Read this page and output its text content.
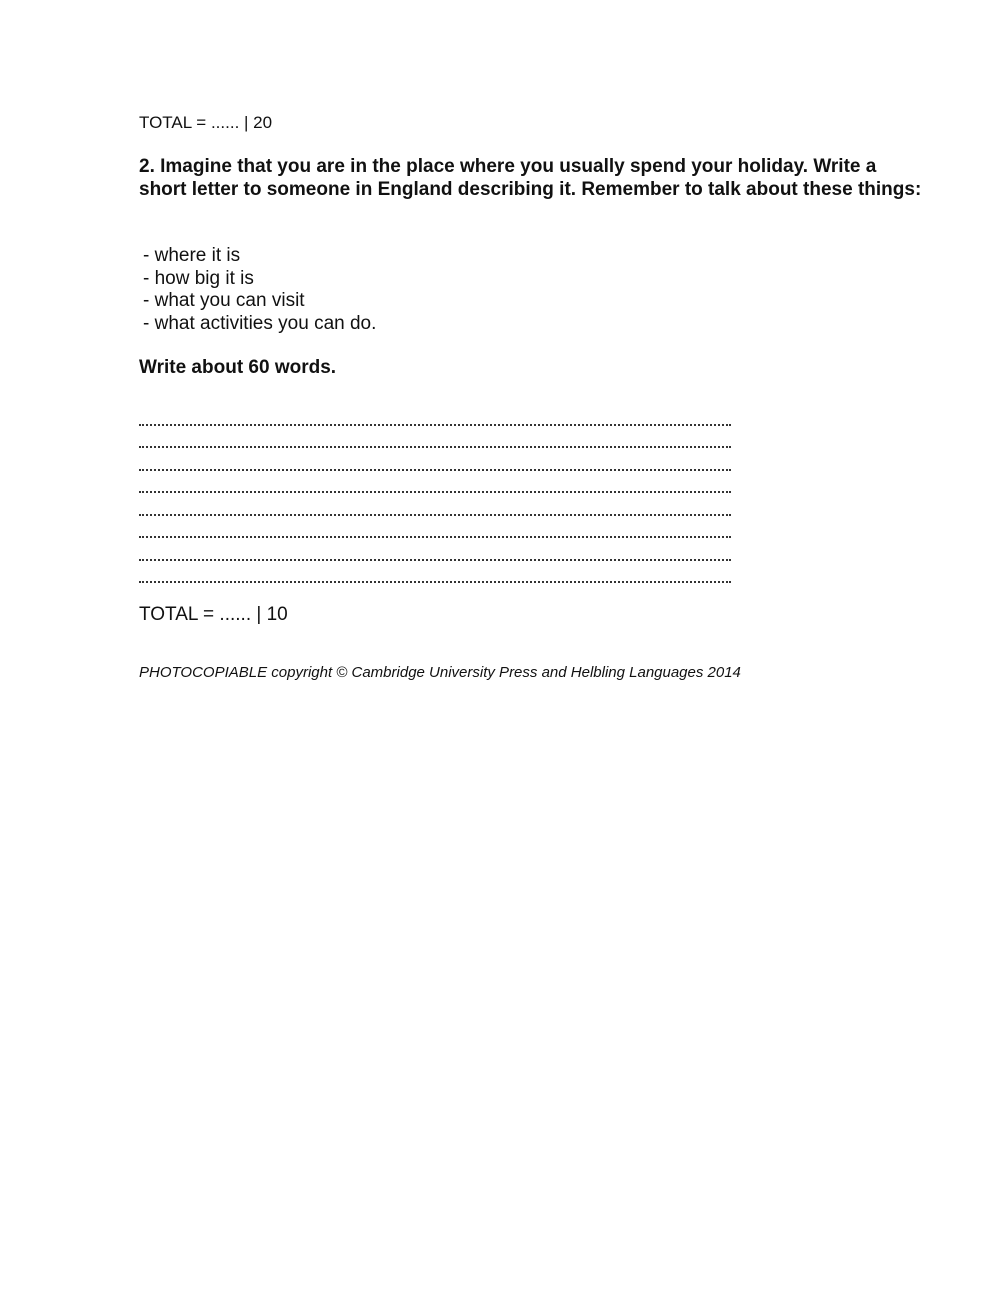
TOTAL = ...... | 20
2. Imagine that you are in the place where you usually spend your holiday. Write a short letter to someone in England describing it. Remember to talk about these things:
- where it is
- how big it is
- what you can visit
- what activities you can do.
Write about 60 words.
TOTAL = ...... | 10
PHOTOCOPIABLE copyright © Cambridge University Press and Helbling Languages 2014
